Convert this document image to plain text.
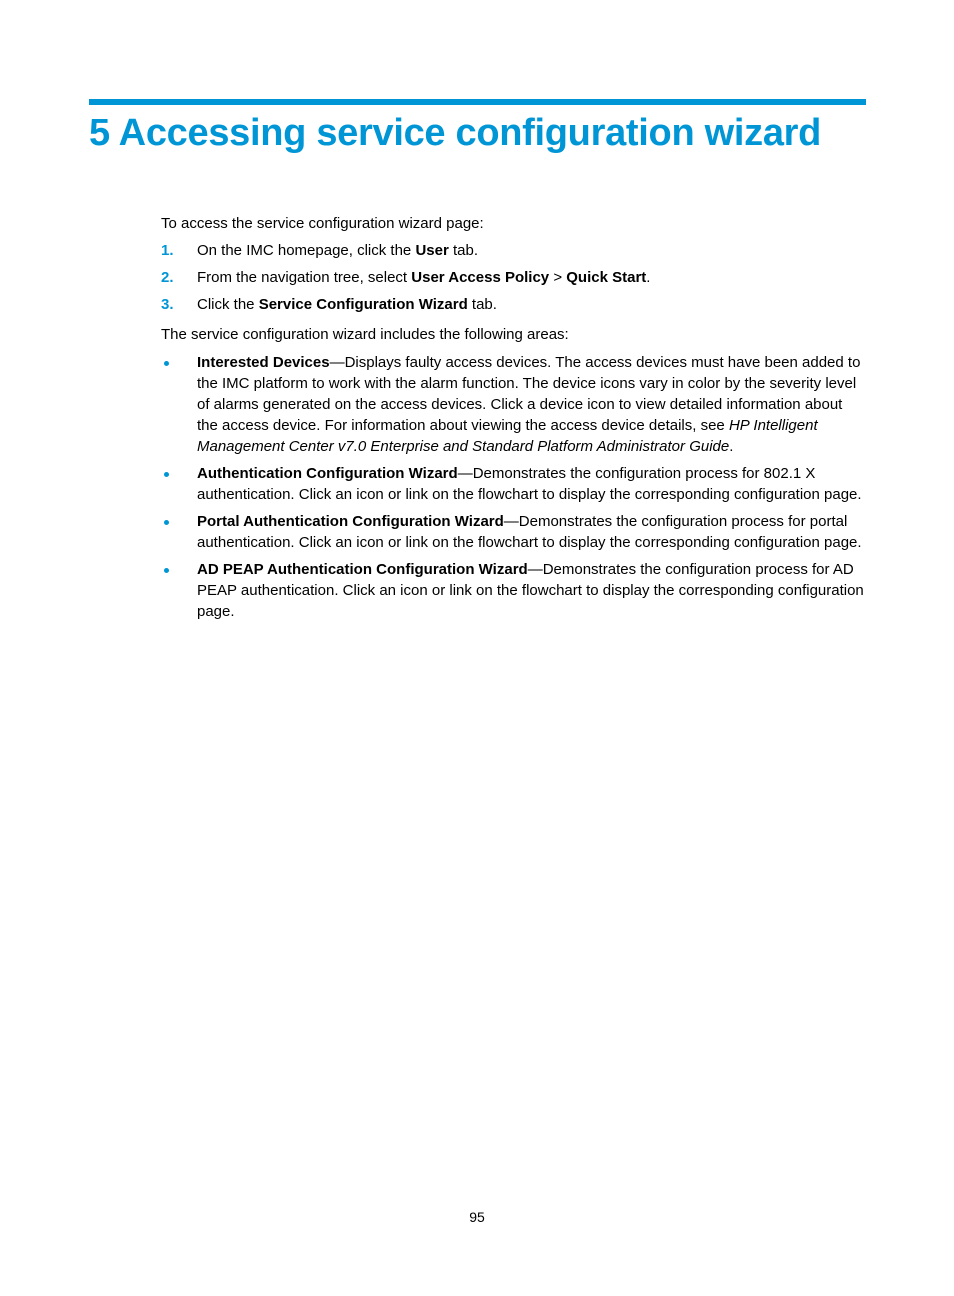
5 Accessing service configuration wizard

To access the service configuration wizard page:

1. On the IMC homepage, click the User tab.
2. From the navigation tree, select User Access Policy > Quick Start.
3. Click the Service Configuration Wizard tab.

The service configuration wizard includes the following areas:

Interested Devices—Displays faulty access devices. The access devices must have been added to the IMC platform to work with the alarm function. The device icons vary in color by the severity level of alarms generated on the access devices. Click a device icon to view detailed information about the access device. For information about viewing the access device details, see HP Intelligent Management Center v7.0 Enterprise and Standard Platform Administrator Guide.
Authentication Configuration Wizard—Demonstrates the configuration process for 802.1 X authentication. Click an icon or link on the flowchart to display the corresponding configuration page.
Portal Authentication Configuration Wizard—Demonstrates the configuration process for portal authentication. Click an icon or link on the flowchart to display the corresponding configuration page.
AD PEAP Authentication Configuration Wizard—Demonstrates the configuration process for AD PEAP authentication. Click an icon or link on the flowchart to display the corresponding configuration page.
95
